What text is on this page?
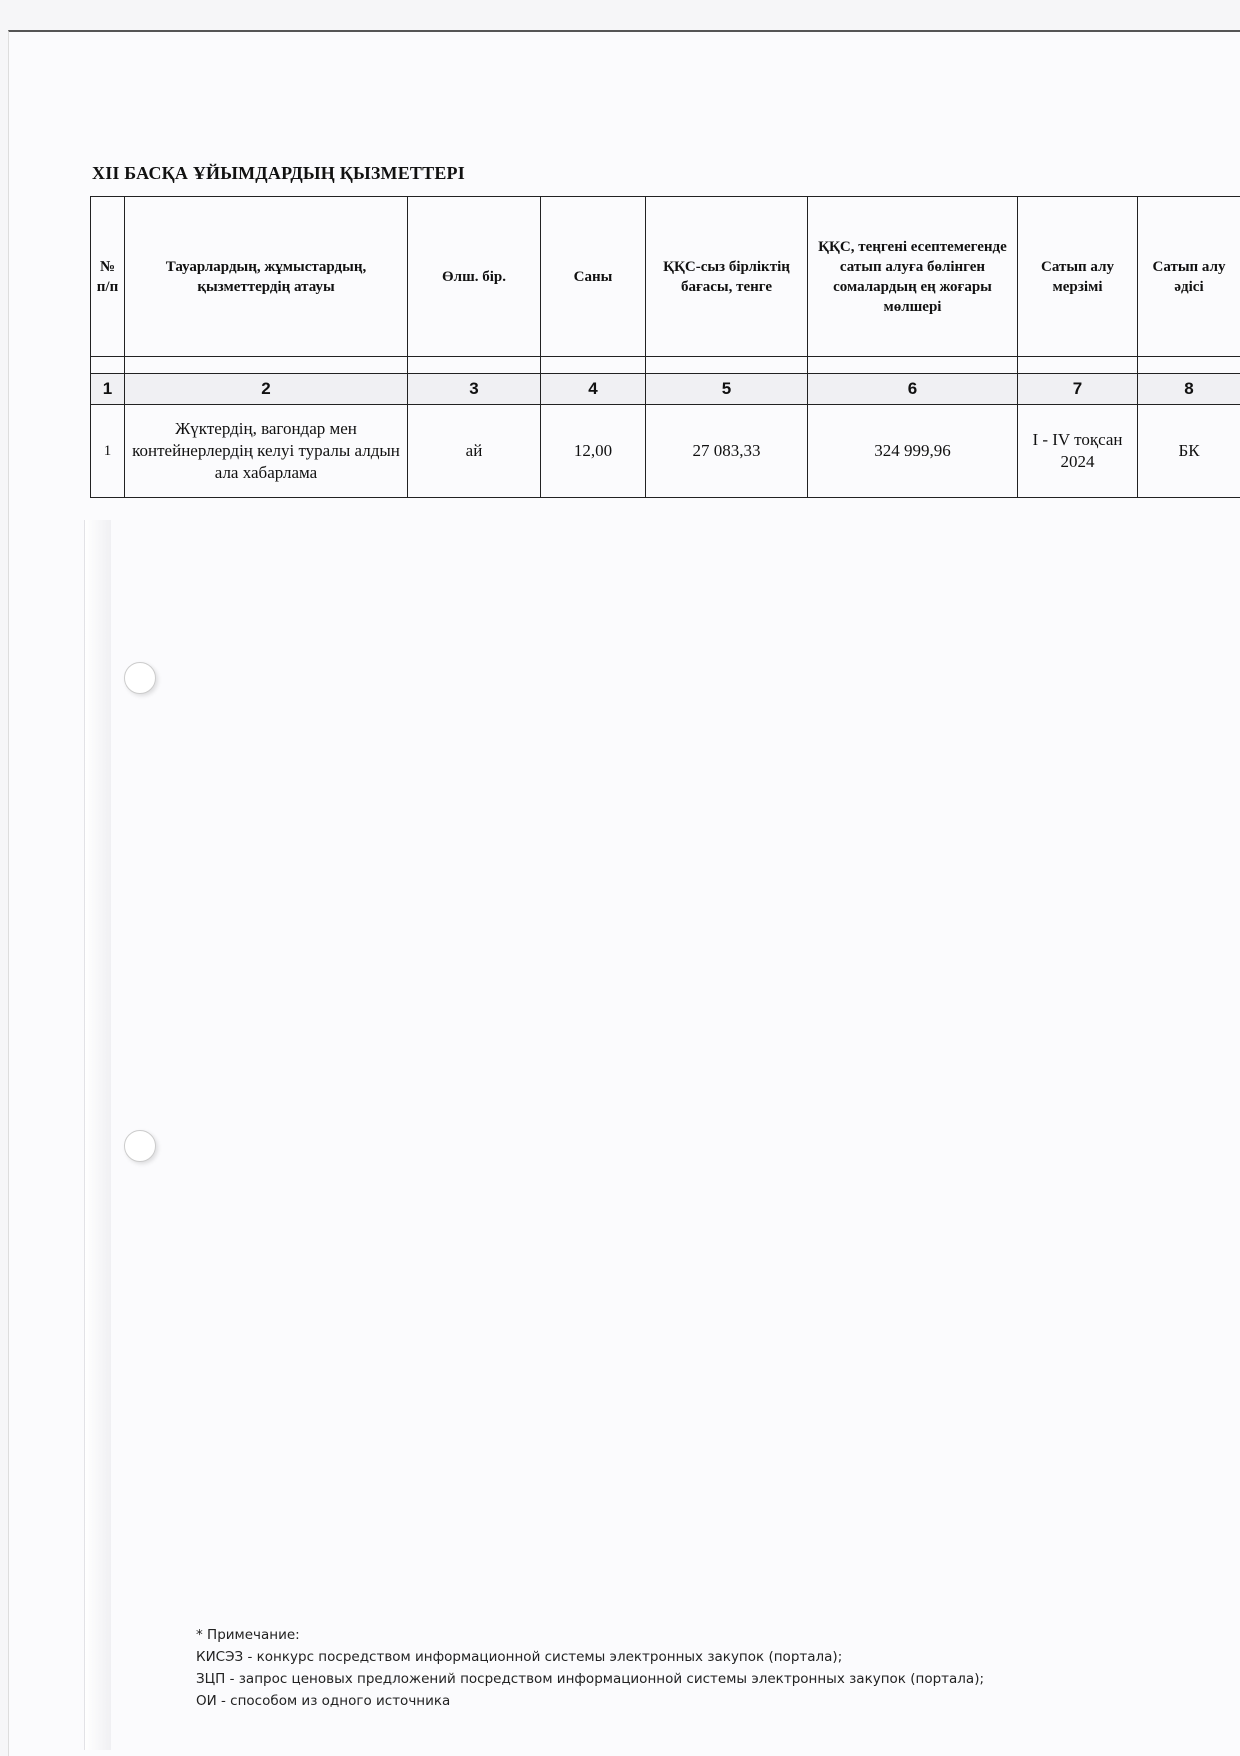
XII БАСҚА ҰЙЫМДАРДЫҢ ҚЫЗМЕТТЕРІ
№ п/п	Тауарлардың, жұмыстардың, қызметтердің атауы	Өлш. бір.	Саны	ҚҚС-сыз бірліктің бағасы, тенге	ҚҚС, теңгені есептемегенде сатып алуға бөлінген сомалардың ең жоғары мөлшері	Сатып алу мерзімі	Сатып алу әдісі

1	2	3	4	5	6	7	8
1	Жүктердің, вагондар мен контейнерлердің келуі туралы алдын ала хабарлама	ай	12,00	27 083,33	324 999,96	I - IV тоқсан 2024	БК
* Примечание:
КИСЭЗ - конкурс посредством информационной системы электронных закупок (портала);
ЗЦП - запрос ценовых предложений посредством информационной системы электронных закупок (портала);
ОИ - способом из одного источника
